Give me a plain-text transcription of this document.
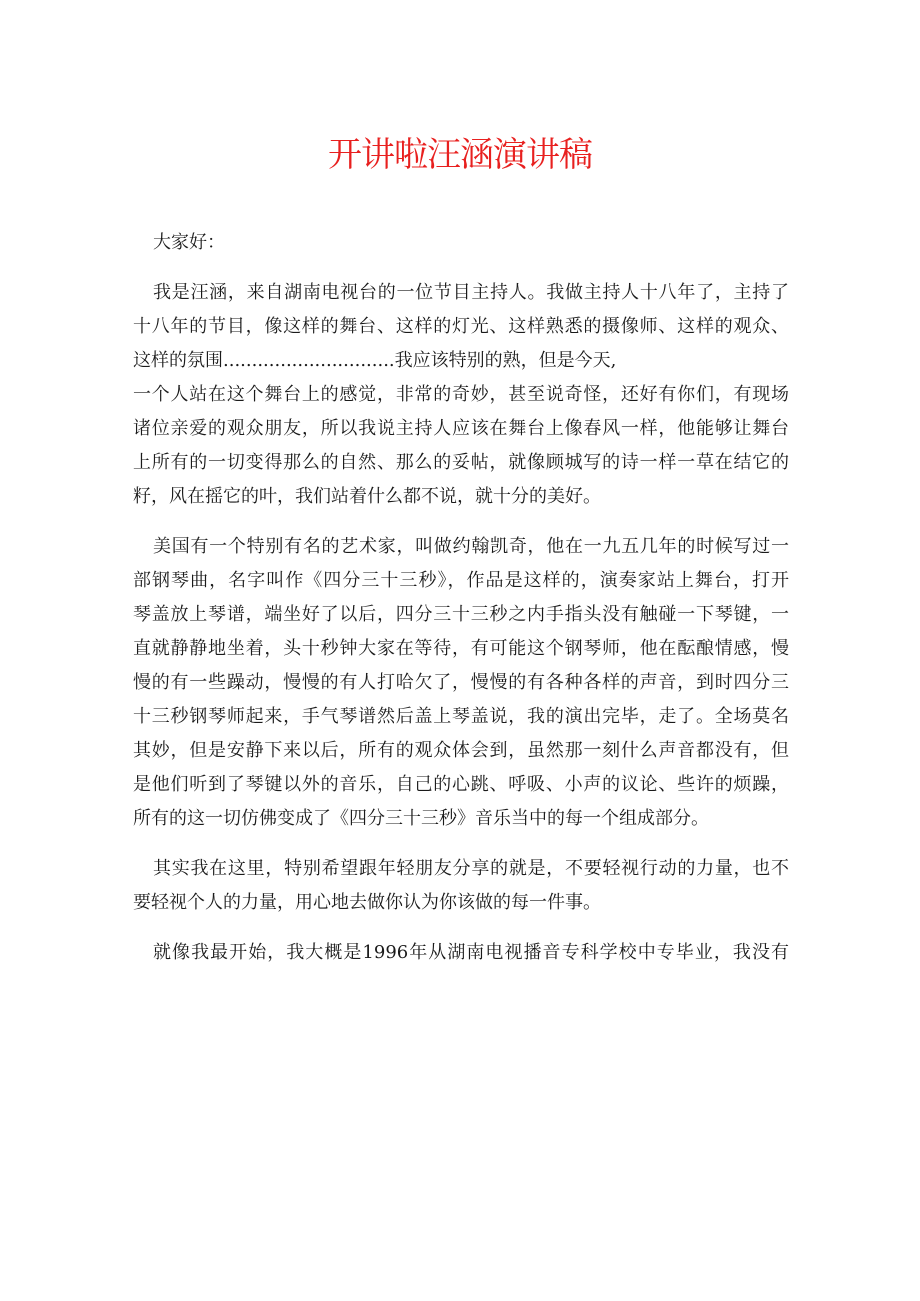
开讲啦汪涵演讲稿
大家好：
我是汪涵，来自湖南电视台的一位节目主持人。我做主持人十八年了，主持了
十八年的节目，像这样的舞台、这样的灯光、这样熟悉的摄像师、这样的观众、
这样的氛围..............................我应该特别的熟，但是今天,
一个人站在这个舞台上的感觉，非常的奇妙，甚至说奇怪，还好有你们，有现场
诸位亲爱的观众朋友，所以我说主持人应该在舞台上像春风一样，他能够让舞台
上所有的一切变得那么的自然、那么的妥帖，就像顾城写的诗一样一草在结它的
籽，风在摇它的叶，我们站着什么都不说，就十分的美好。
美国有一个特别有名的艺术家，叫做约翰凯奇，他在一九五几年的时候写过一
部钢琴曲，名字叫作《四分三十三秒》，作品是这样的，演奏家站上舞台，打开
琴盖放上琴谱，端坐好了以后，四分三十三秒之内手指头没有触碰一下琴键，一
直就静静地坐着，头十秒钟大家在等待，有可能这个钢琴师，他在酝酿情感，慢
慢的有一些躁动，慢慢的有人打哈欠了，慢慢的有各种各样的声音，到时四分三
十三秒钢琴师起来，手气琴谱然后盖上琴盖说，我的演出完毕，走了。全场莫名
其妙，但是安静下来以后，所有的观众体会到，虽然那一刻什么声音都没有，但
是他们听到了琴键以外的音乐，自己的心跳、呼吸、小声的议论、些许的烦躁，
所有的这一切仿佛变成了《四分三十三秒》音乐当中的每一个组成部分。
其实我在这里，特别希望跟年轻朋友分享的就是，不要轻视行动的力量，也不
要轻视个人的力量，用心地去做你认为你该做的每一件事。
就像我最开始，我大概是1996年从湖南电视播音专科学校中专毕业，我没有
